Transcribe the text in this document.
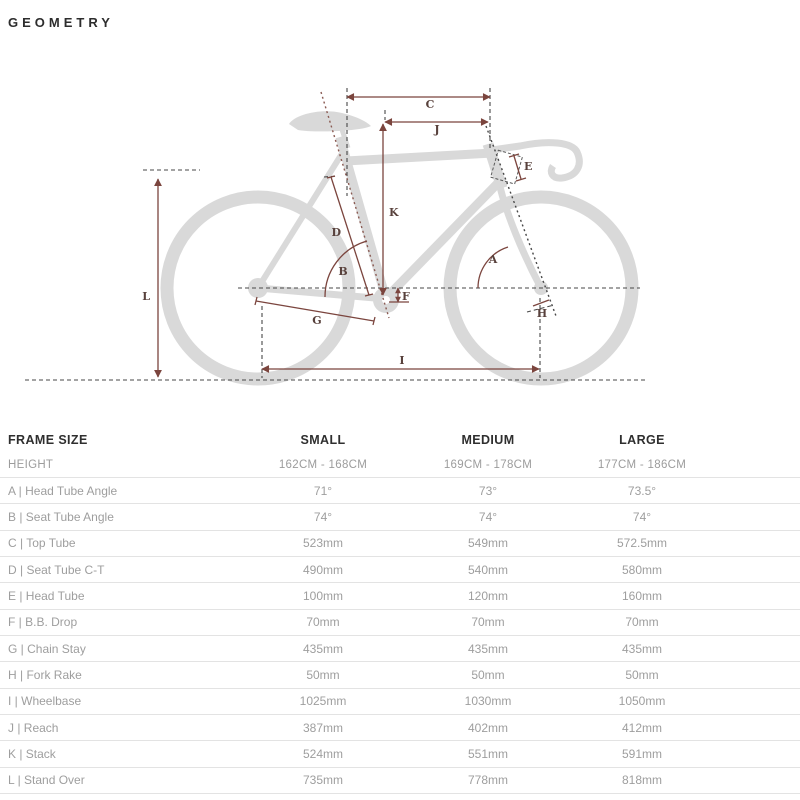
GEOMETRY
C
J
K
D
B
A
E
F
G
H
I
L
FRAME SIZE	SMALL	MEDIUM	LARGE
HEIGHT	162CM - 168CM	169CM - 178CM	177CM - 186CM
A | Head Tube Angle	71°	73°	73.5°
B | Seat Tube Angle	74°	74°	74°
C | Top Tube	523mm	549mm	572.5mm
D | Seat Tube C-T	490mm	540mm	580mm
E | Head Tube	100mm	120mm	160mm
F | B.B. Drop	70mm	70mm	70mm
G | Chain Stay	435mm	435mm	435mm
H | Fork Rake	50mm	50mm	50mm
I | Wheelbase	1025mm	1030mm	1050mm
J | Reach	387mm	402mm	412mm
K | Stack	524mm	551mm	591mm
L | Stand Over	735mm	778mm	818mm
